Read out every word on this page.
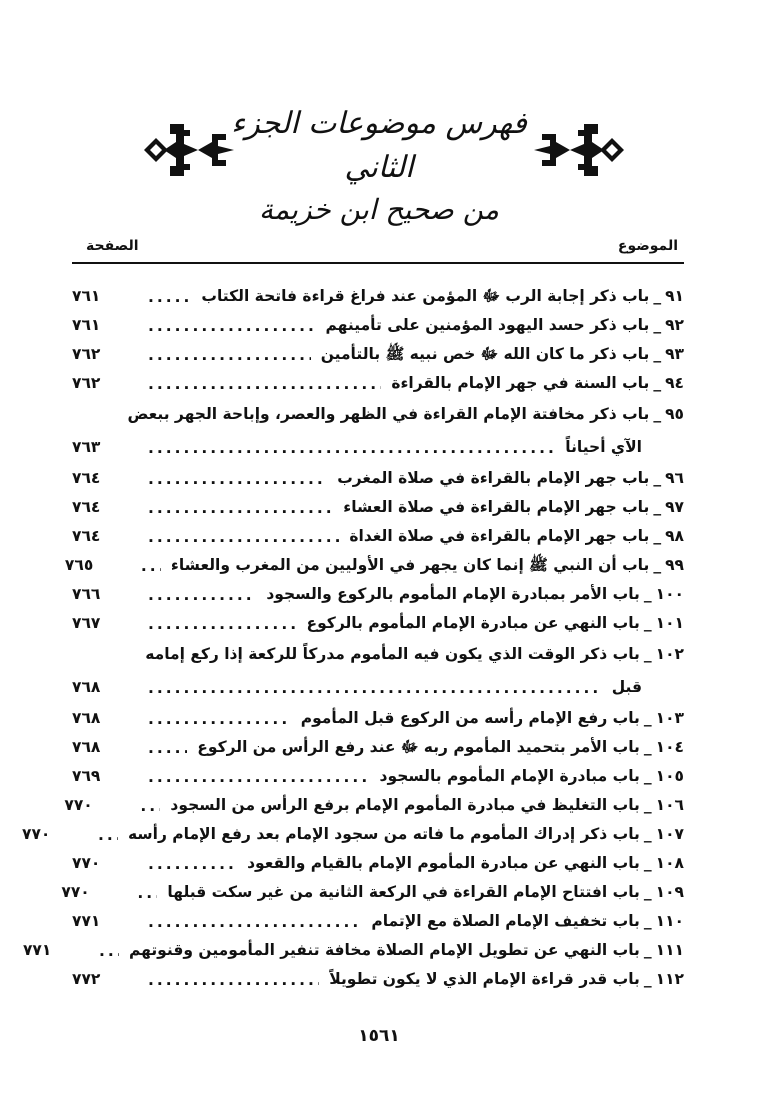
فهرس موضوعات الجزء الثاني
من صحيح ابن خزيمة
الموضوع
الصفحة
٩١
_
باب ذكر إجابة الرب ﷻ المؤمن عند فراغ قراءة فاتحة الكتاب
.....
٧٦١
٩٢
_
باب ذكر حسد اليهود المؤمنين على تأمينهم
.....
٧٦١
٩٣
_
باب ذكر ما كان الله ﷻ خص نبيه ﷺ بالتأمين
.....
٧٦٢
٩٤
_
باب السنة في جهر الإمام بالقراءة
.....
٧٦٢
٩٥
_
باب ذكر مخافتة الإمام القراءة في الظهر والعصر، وإباحة الجهر ببعض
الآي أحياناً
.....
٧٦٣
٩٦
_
باب جهر الإمام بالقراءة في صلاة المغرب
.....
٧٦٤
٩٧
_
باب جهر الإمام بالقراءة في صلاة العشاء
.....
٧٦٤
٩٨
_
باب جهر الإمام بالقراءة في صلاة الغداة
.....
٧٦٤
٩٩
_
باب أن النبي ﷺ إنما كان يجهر في الأوليين من المغرب والعشاء
.....
٧٦٥
١٠٠
_
باب الأمر بمبادرة الإمام المأموم بالركوع والسجود
.....
٧٦٦
١٠١
_
باب النهي عن مبادرة الإمام المأموم بالركوع
.....
٧٦٧
١٠٢
_
باب ذكر الوقت الذي يكون فيه المأموم مدركاً للركعة إذا ركع إمامه
قبل
.....
٧٦٨
١٠٣
_
باب رفع الإمام رأسه من الركوع قبل المأموم
.....
٧٦٨
١٠٤
_
باب الأمر بتحميد المأموم ربه ﷻ عند رفع الرأس من الركوع
.....
٧٦٨
١٠٥
_
باب مبادرة الإمام المأموم بالسجود
.....
٧٦٩
١٠٦
_
باب التغليظ في مبادرة المأموم الإمام برفع الرأس من السجود
.....
٧٧٠
١٠٧
_
باب ذكر إدراك المأموم ما فاته من سجود الإمام بعد رفع الإمام رأسه
.....
٧٧٠
١٠٨
_
باب النهي عن مبادرة المأموم الإمام بالقيام والقعود
.....
٧٧٠
١٠٩
_
باب افتتاح الإمام القراءة في الركعة الثانية من غير سكت قبلها
.....
٧٧٠
١١٠
_
باب تخفيف الإمام الصلاة مع الإتمام
.....
٧٧١
١١١
_
باب النهي عن تطويل الإمام الصلاة مخافة تنفير المأمومين وقنوتهم
.....
٧٧١
١١٢
_
باب قدر قراءة الإمام الذي لا يكون تطويلاً
.....
٧٧٢
١٥٦١
